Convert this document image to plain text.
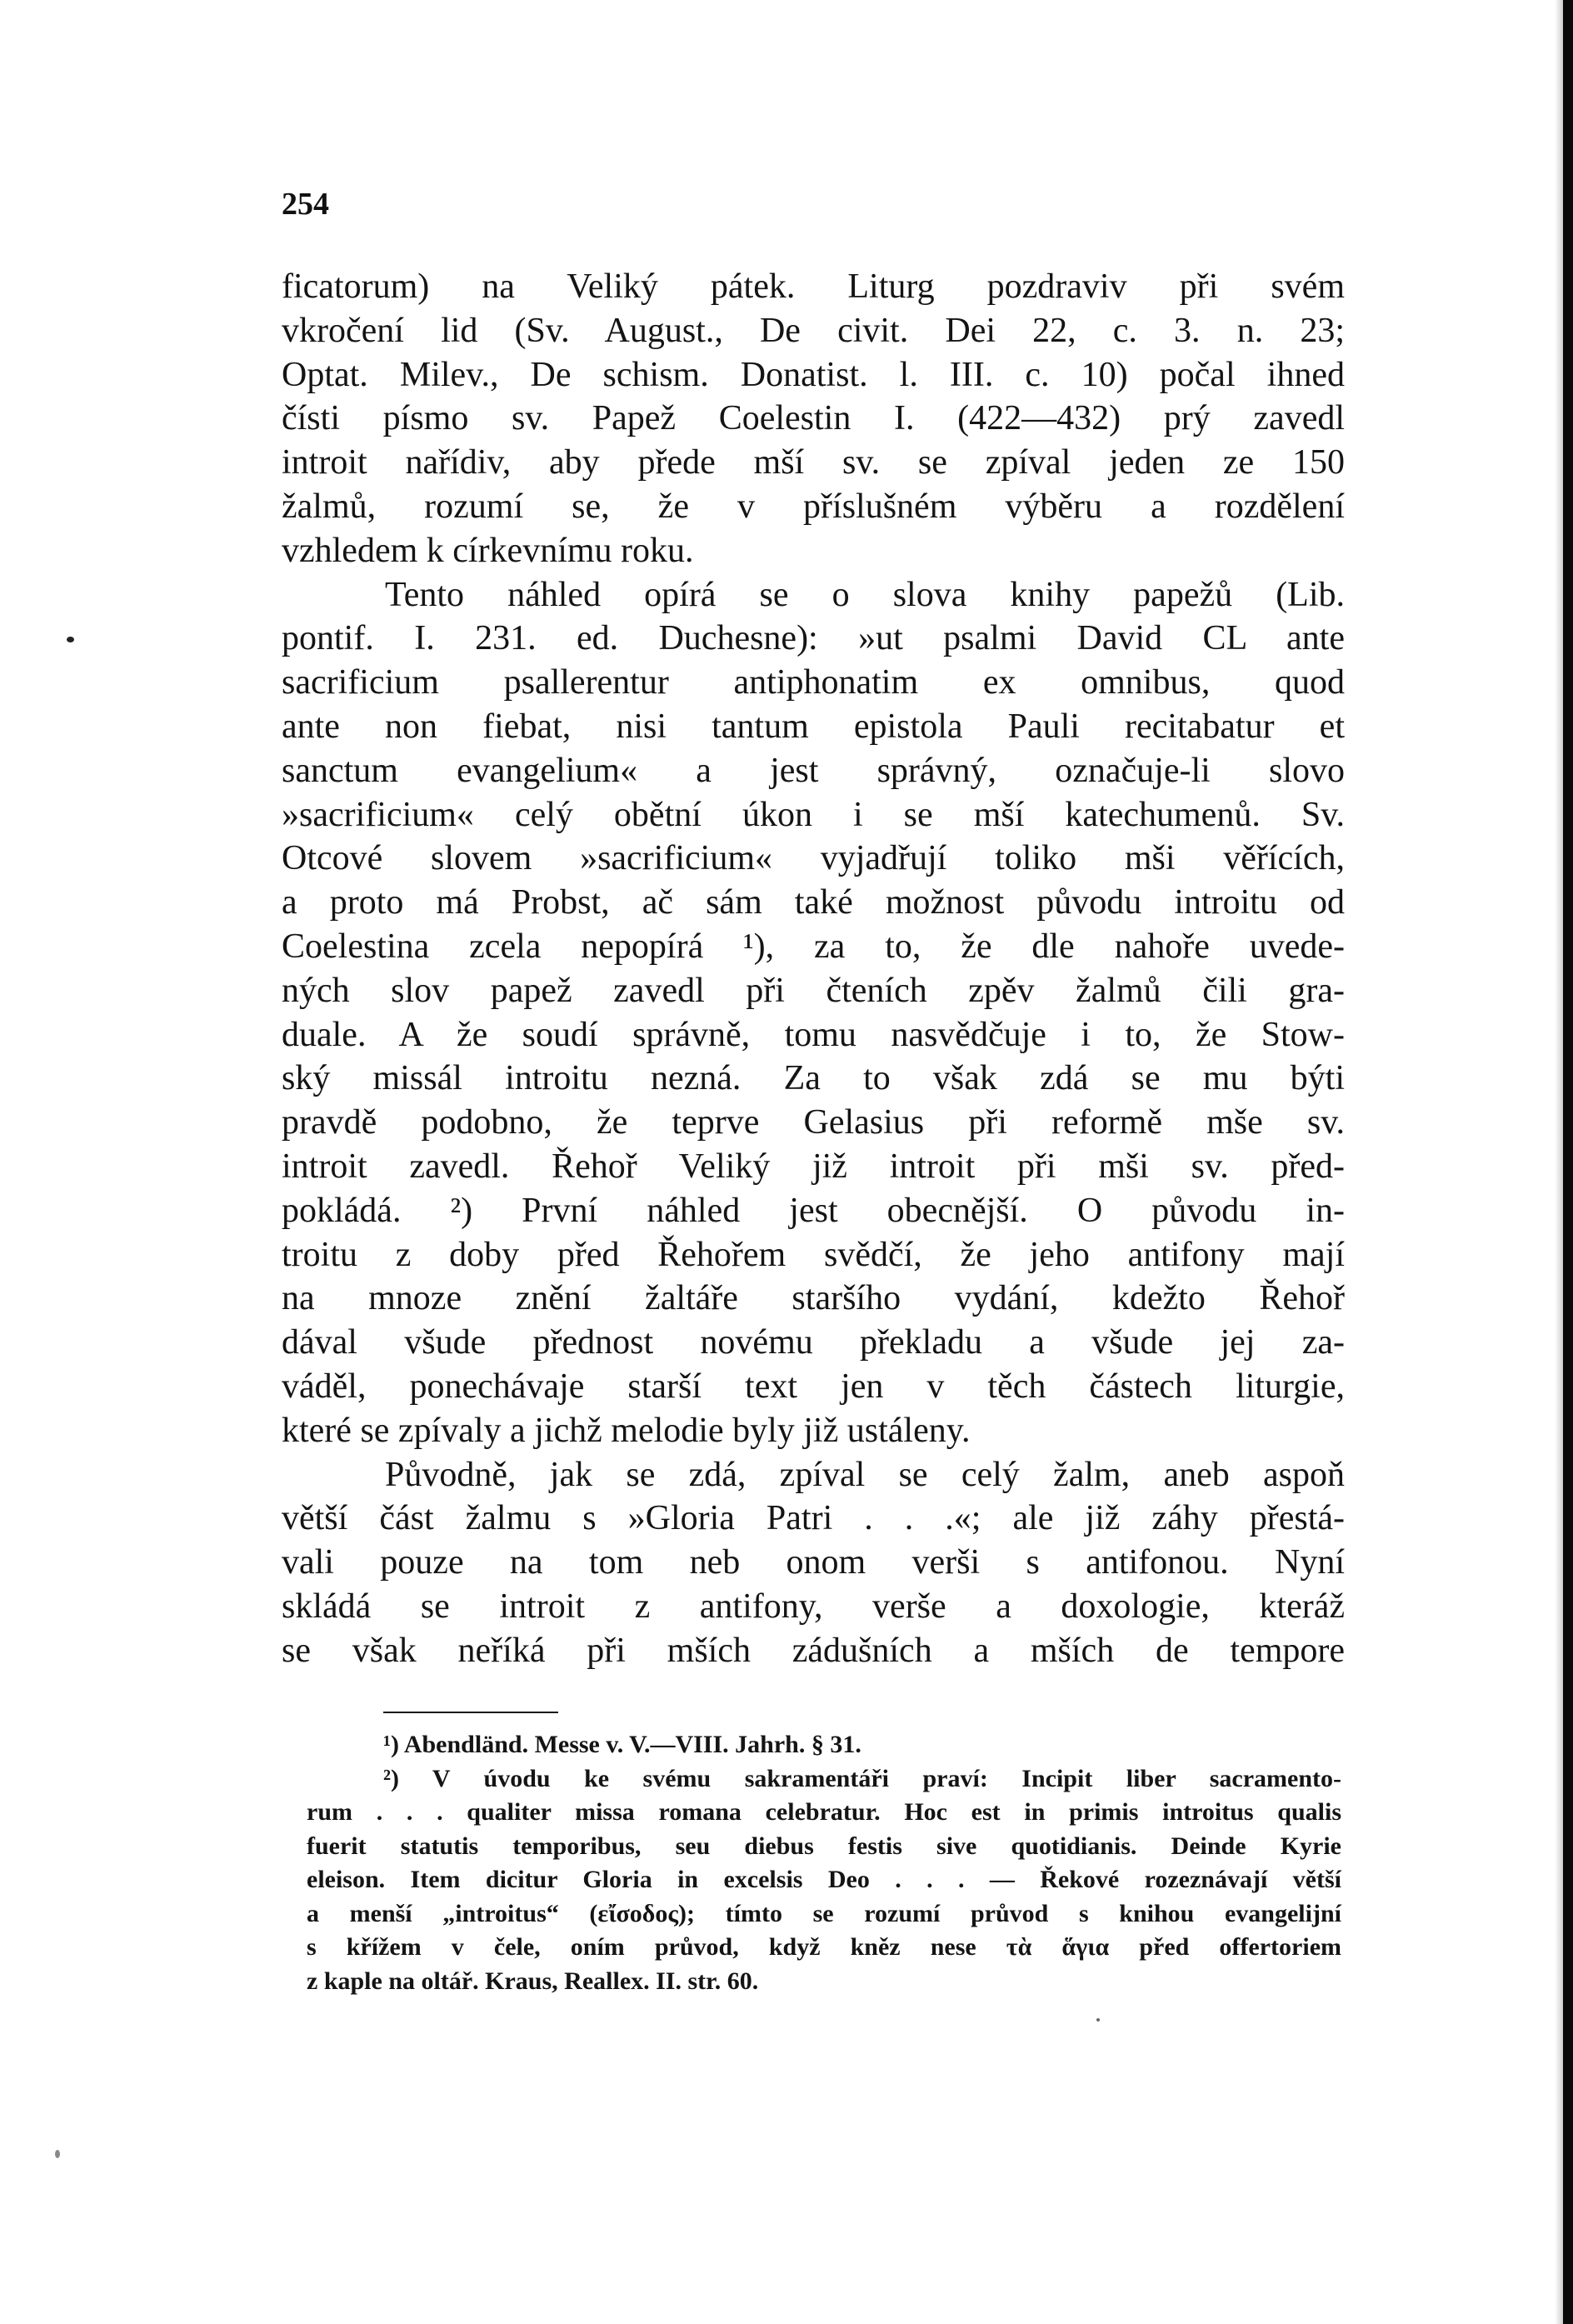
254
ficatorum) na Veliký pátek. Liturg pozdraviv při svém
vkročení lid (Sv. August., De civit. Dei 22, c. 3. n. 23;
Optat. Milev., De schism. Donatist. l. III. c. 10) počal ihned
čísti písmo sv. Papež Coelestin I. (422—432) prý zavedl
introit nařídiv, aby přede mší sv. se zpíval jeden ze 150
žalmů, rozumí se, že v příslušném výběru a rozdělení
vzhledem k církevnímu roku.
Tento náhled opírá se o slova knihy papežů (Lib.
pontif. I. 231. ed. Duchesne): »ut psalmi David CL ante
sacrificium psallerentur antiphonatim ex omnibus, quod
ante non fiebat, nisi tantum epistola Pauli recitabatur et
sanctum evangelium« a jest správný, označuje-li slovo
»sacrificium« celý obětní úkon i se mší katechumenů. Sv.
Otcové slovem »sacrificium« vyjadřují toliko mši věřících,
a proto má Probst, ač sám také možnost původu introitu od
Coelestina zcela nepopírá ¹), za to, že dle nahoře uvede-
ných slov papež zavedl při čteních zpěv žalmů čili gra-
duale. A že soudí správně, tomu nasvědčuje i to, že Stow-
ský missál introitu nezná. Za to však zdá se mu býti
pravdě podobno, že teprve Gelasius při reformě mše sv.
introit zavedl. Řehoř Veliký již introit při mši sv. před-
pokládá. ²) První náhled jest obecnější. O původu in-
troitu z doby před Řehořem svědčí, že jeho antifony mají
na mnoze znění žaltáře staršího vydání, kdežto Řehoř
dával všude přednost novému překladu a všude jej za-
váděl, ponechávaje starší text jen v těch částech liturgie,
které se zpívaly a jichž melodie byly již ustáleny.
Původně, jak se zdá, zpíval se celý žalm, aneb aspoň
větší část žalmu s »Gloria Patri . . .«; ale již záhy přestá-
vali pouze na tom neb onom verši s antifonou. Nyní
skládá se introit z antifony, verše a doxologie, kteráž
se však neříká při mších zádušních a mších de tempore
¹) Abendländ. Messe v. V.—VIII. Jahrh. § 31.
²) V úvodu ke svému sakramentáři praví: Incipit liber sacramento-
rum . . . qualiter missa romana celebratur. Hoc est in primis introitus qualis
fuerit statutis temporibus, seu diebus festis sive quotidianis. Deinde Kyrie
eleison. Item dicitur Gloria in excelsis Deo . . . — Řekové rozeznávají větší
a menší „introitus“ (εἴσοδος); tímto se rozumí průvod s knihou evangelijní
s křížem v čele, oním průvod, když kněz nese τὰ ἅγια před offertoriem
z kaple na oltář. Kraus, Reallex. II. str. 60.
